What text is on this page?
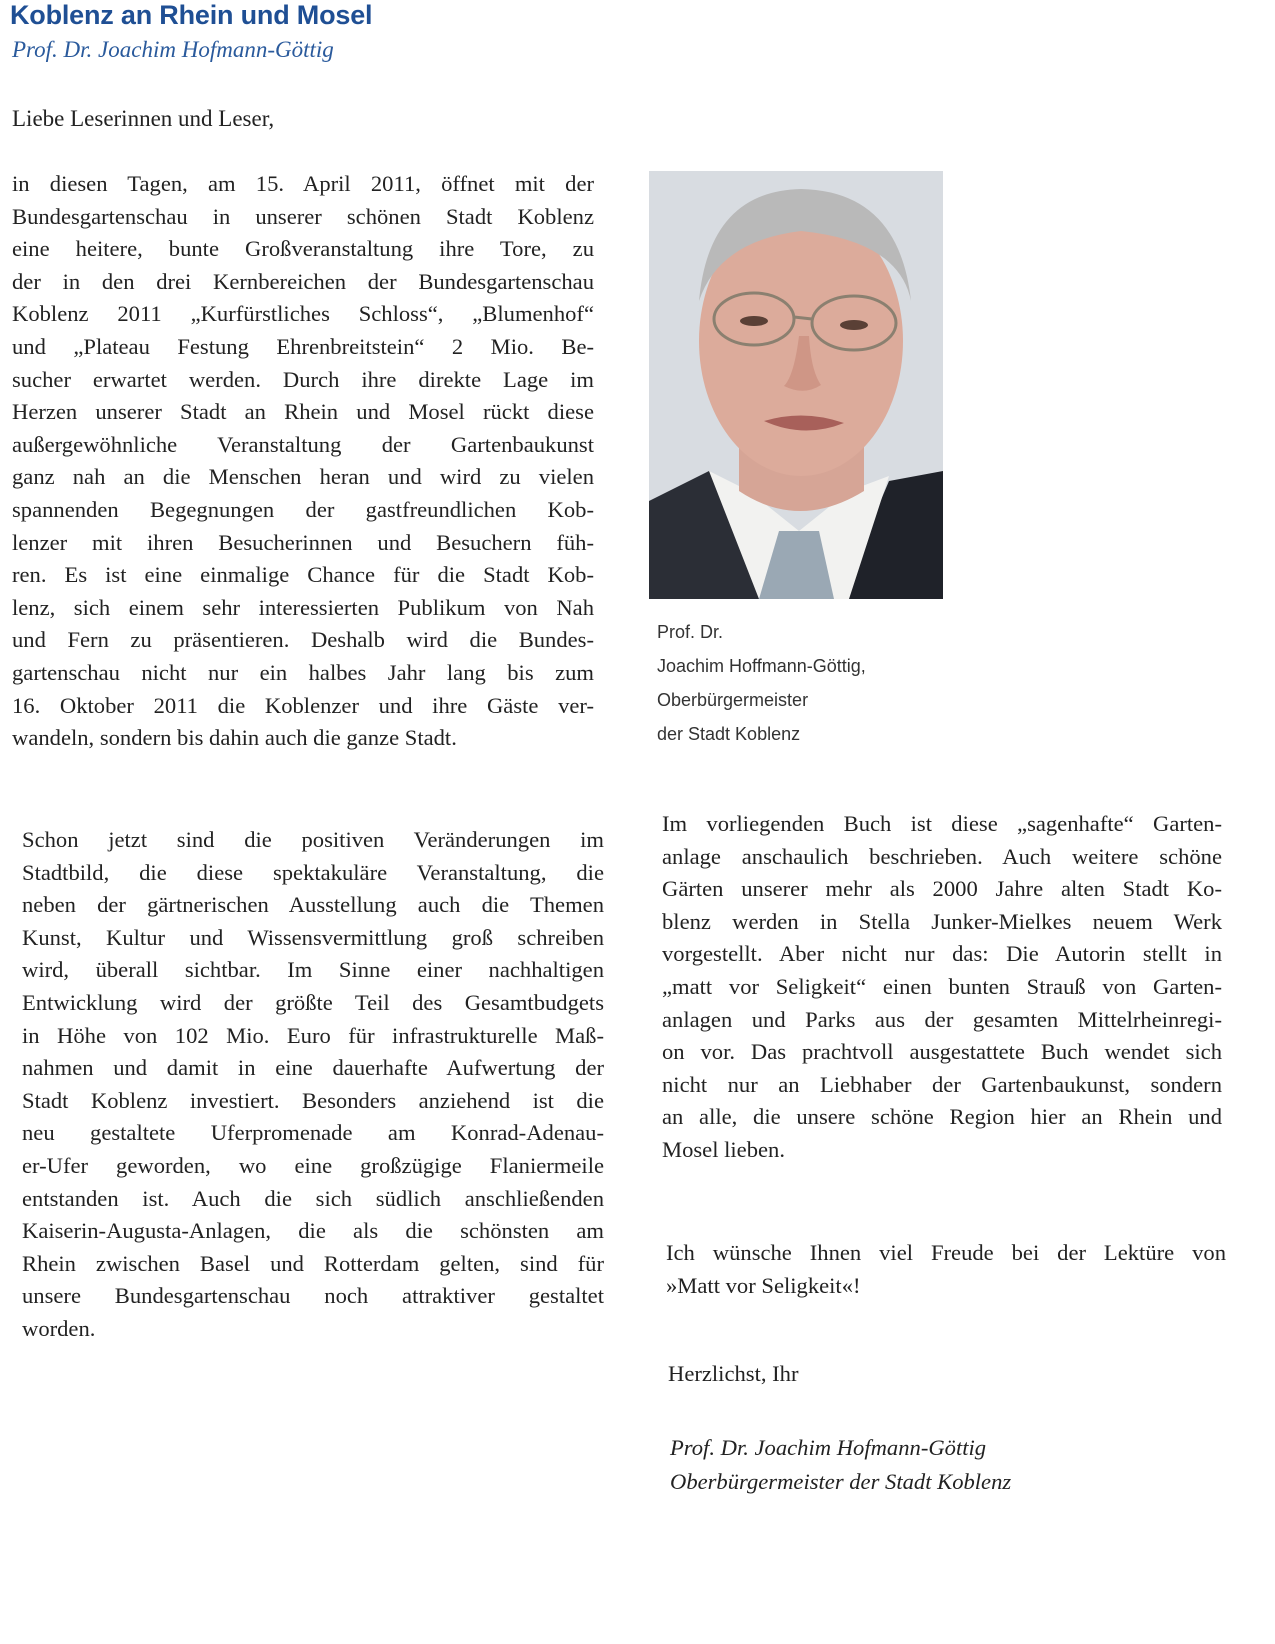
Koblenz an Rhein und Mosel
Prof. Dr. Joachim Hofmann-Göttig
Liebe Leserinnen und Leser,
in diesen Tagen, am 15. April 2011, öffnet mit der
Bundesgartenschau in unserer schönen Stadt Koblenz
eine heitere, bunte Großveranstaltung ihre Tore, zu
der in den drei Kernbereichen der Bundesgartenschau
Koblenz 2011 „Kurfürstliches Schloss“, „Blumenhof“
und „Plateau Festung Ehrenbreitstein“ 2 Mio. Be-
sucher erwartet werden. Durch ihre direkte Lage im
Herzen unserer Stadt an Rhein und Mosel rückt diese
außergewöhnliche Veranstaltung der Gartenbaukunst
ganz nah an die Menschen heran und wird zu vielen
spannenden Begegnungen der gastfreundlichen Kob-
lenzer mit ihren Besucherinnen und Besuchern füh-
ren. Es ist eine einmalige Chance für die Stadt Kob-
lenz, sich einem sehr interessierten Publikum von Nah
und Fern zu präsentieren. Deshalb wird die Bundes-
gartenschau nicht nur ein halbes Jahr lang bis zum
16. Oktober 2011 die Koblenzer und ihre Gäste ver-
wandeln, sondern bis dahin auch die ganze Stadt.
Schon jetzt sind die positiven Veränderungen im
Stadtbild, die diese spektakuläre Veranstaltung, die
neben der gärtnerischen Ausstellung auch die Themen
Kunst, Kultur und Wissensvermittlung groß schreiben
wird, überall sichtbar. Im Sinne einer nachhaltigen
Entwicklung wird der größte Teil des Gesamtbudgets
in Höhe von 102 Mio. Euro für infrastrukturelle Maß-
nahmen und damit in eine dauerhafte Aufwertung der
Stadt Koblenz investiert. Besonders anziehend ist die
neu gestaltete Uferpromenade am Konrad-Adenau-
er-Ufer geworden, wo eine großzügige Flaniermeile
entstanden ist. Auch die sich südlich anschließenden
Kaiserin-Augusta-Anlagen, die als die schönsten am
Rhein zwischen Basel und Rotterdam gelten, sind für
unsere Bundesgartenschau noch attraktiver gestaltet
worden.
Im vorliegenden Buch ist diese „sagenhafte“ Garten-
anlage anschaulich beschrieben. Auch weitere schöne
Gärten unserer mehr als 2000 Jahre alten Stadt Ko-
blenz werden in Stella Junker-Mielkes neuem Werk
vorgestellt. Aber nicht nur das: Die Autorin stellt in
„matt vor Seligkeit“ einen bunten Strauß von Garten-
anlagen und Parks aus der gesamten Mittelrheinregi-
on vor. Das prachtvoll ausgestattete Buch wendet sich
nicht nur an Liebhaber der Gartenbaukunst, sondern
an alle, die unsere schöne Region hier an Rhein und
Mosel lieben.
Prof. Dr.
Joachim Hoffmann-Göttig,
Oberbürgermeister
der Stadt Koblenz
Ich wünsche Ihnen viel Freude bei der Lektüre von
»Matt vor Seligkeit«!
Herzlichst, Ihr
Prof. Dr. Joachim Hofmann-Göttig
Oberbürgermeister der Stadt Koblenz
